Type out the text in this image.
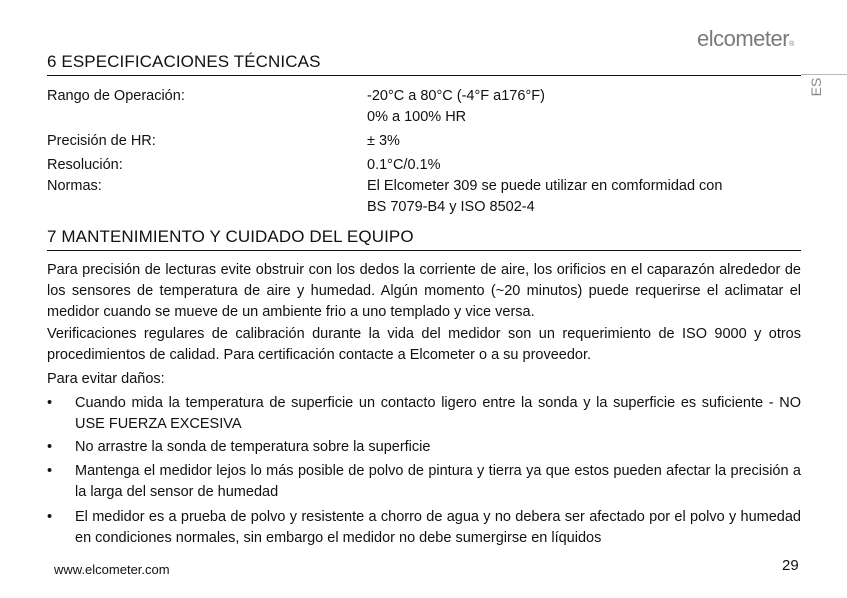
elcometer®
ES
6 ESPECIFICACIONES TÉCNICAS
Rango de Operación:	-20°C a 80°C (-4°F a176°F)
0% a 100% HR
Precisión de HR:	± 3%
Resolución:	0.1°C/0.1%
Normas:	El Elcometer 309 se puede utilizar en comformidad con
BS 7079-B4 y ISO 8502-4
7 MANTENIMIENTO Y CUIDADO DEL EQUIPO

Para precisión de lecturas evite obstruir con los dedos la corriente de aire, los orificios en el caparazón alrededor de los sensores de temperatura de aire y humedad. Algún momento (~20 minutos) puede requerirse el aclimatar el medidor cuando se mueve de un ambiente frio a uno templado y vice versa.

Verificaciones regulares de calibración durante la vida del medidor son un requerimiento de ISO 9000 y otros procedimientos de calidad. Para certificación contacte a Elcometer o a su proveedor.

Para evitar daños:

• Cuando mida la temperatura de superficie un contacto ligero entre la sonda y la superficie es suficiente - NO USE FUERZA EXCESIVA
• No arrastre la sonda de temperatura sobre la superficie
• Mantenga el medidor lejos lo más posible de polvo de pintura y tierra ya que estos pueden afectar la precisión a la larga del sensor de humedad
• El medidor es a prueba de polvo y resistente a chorro de agua y no debera ser afectado por el polvo y humedad en condiciones normales, sin embargo el medidor no debe sumergirse en líquidos
www.elcometer.com	29
